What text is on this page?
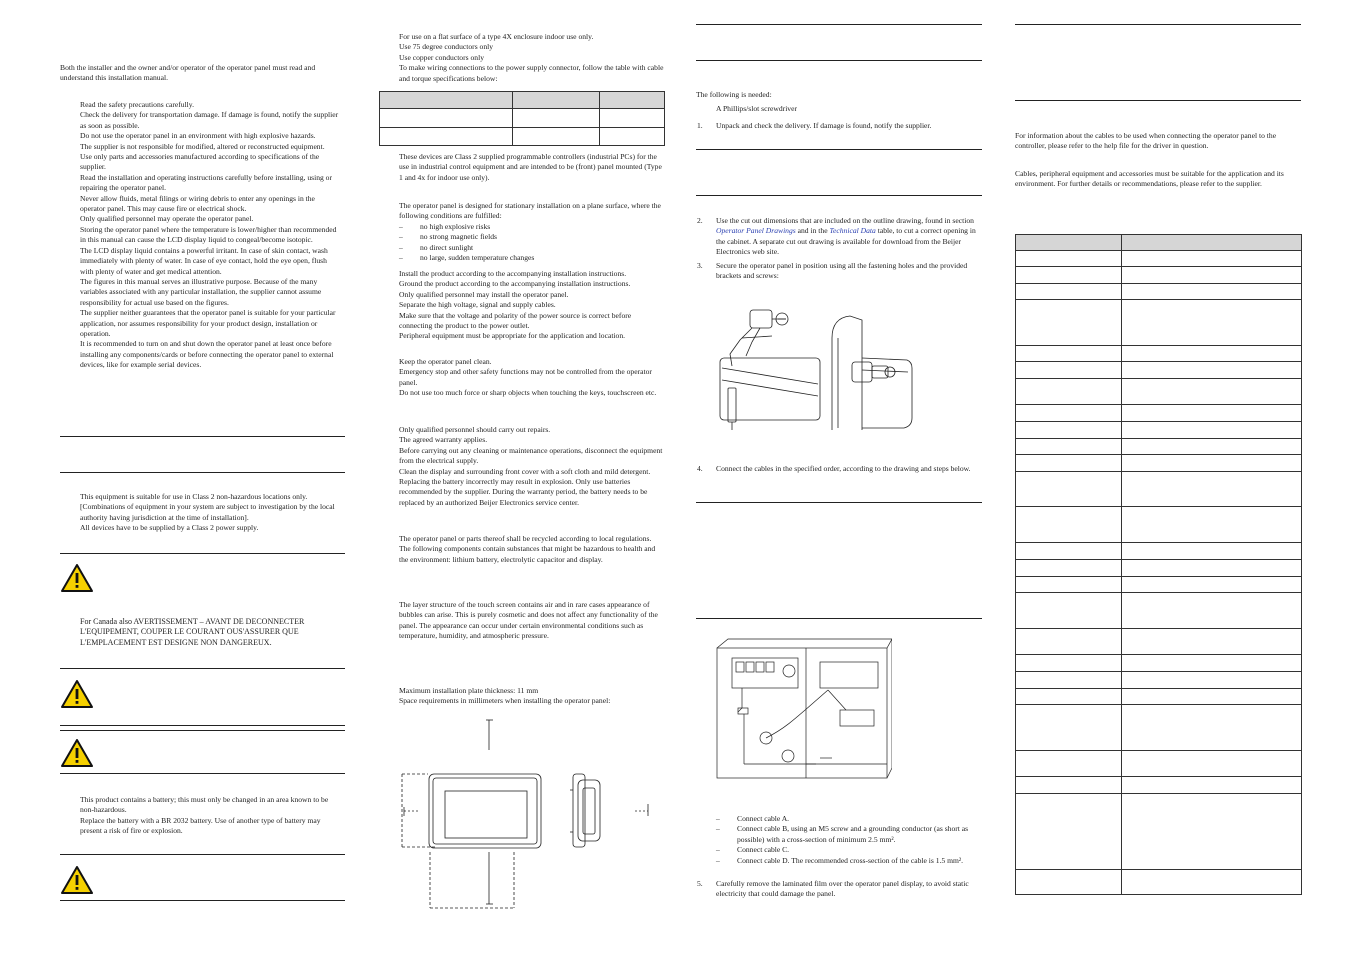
Both the installer and the owner and/or operator of the operator panel must read and understand this installation manual.

Read the safety precautions carefully.

Check the delivery for transportation damage. If damage is found, notify the supplier as soon as possible.

Do not use the operator panel in an environment with high explosive hazards.

The supplier is not responsible for modified, altered or reconstructed equipment.

Use only parts and accessories manufactured according to specifications of the supplier.

Read the installation and operating instructions carefully before installing, using or repairing the operator panel.

Never allow fluids, metal filings or wiring debris to enter any openings in the operator panel. This may cause fire or electrical shock.

Only qualified personnel may operate the operator panel.

Storing the operator panel where the temperature is lower/higher than recommended in this manual can cause the LCD display liquid to congeal/become isotopic.

The LCD display liquid contains a powerful irritant. In case of skin contact, wash immediately with plenty of water. In case of eye contact, hold the eye open, flush with plenty of water and get medical attention.

The figures in this manual serves an illustrative purpose. Because of the many variables associated with any particular installation, the supplier cannot assume responsibility for actual use based on the figures.

The supplier neither guarantees that the operator panel is suitable for your particular application, nor assumes responsibility for your product design, installation or operation.

It is recommended to turn on and shut down the operator panel at least once before installing any components/cards or before connecting the operator panel to external devices, like for example serial devices.

This equipment is suitable for use in Class 2 non-hazardous locations only. [Combinations of equipment in your system are subject to investigation by the local authority having jurisdiction at the time of installation].

All devices have to be supplied by a Class 2 power supply.

For Canada also AVERTISSEMENT – AVANT DE DECONNECTER L'EQUIPEMENT, COUPER LE COURANT OUS'ASSURER QUE L'EMPLACEMENT EST DESIGNE NON DANGEREUX.

This product contains a battery; this must only be changed in an area known to be non-hazardous.

Replace the battery with a BR 2032 battery. Use of another type of battery may present a risk of fire or explosion.

For use on a flat surface of a type 4X enclosure indoor use only.

Use 75 degree conductors only

Use copper conductors only

To make wiring connections to the power supply connector, follow the table with cable and torque specifications below:

These devices are Class 2 supplied programmable controllers (industrial PCs) for the use in industrial control equipment and are intended to be (front) panel mounted (Type 1 and 4x for indoor use only).

The operator panel is designed for stationary installation on a plane surface, where the following conditions are fulfilled:

– no high explosive risks
– no strong magnetic fields
– no direct sunlight
– no large, sudden temperature changes

Install the product according to the accompanying installation instructions.

Ground the product according to the accompanying installation instructions.

Only qualified personnel may install the operator panel.

Separate the high voltage, signal and supply cables.

Make sure that the voltage and polarity of the power source is correct before connecting the product to the power outlet.

Peripheral equipment must be appropriate for the application and location.

Keep the operator panel clean.

Emergency stop and other safety functions may not be controlled from the operator panel.

Do not use too much force or sharp objects when touching the keys, touchscreen etc.

Only qualified personnel should carry out repairs.

The agreed warranty applies.

Before carrying out any cleaning or maintenance operations, disconnect the equipment from the electrical supply.

Clean the display and surrounding front cover with a soft cloth and mild detergent.

Replacing the battery incorrectly may result in explosion. Only use batteries recommended by the supplier. During the warranty period, the battery needs to be replaced by an authorized Beijer Electronics service center.

The operator panel or parts thereof shall be recycled according to local regulations.

The following components contain substances that might be hazardous to health and the environment: lithium battery, electrolytic capacitor and display.

The layer structure of the touch screen contains air and in rare cases appearance of bubbles can arise. This is purely cosmetic and does not affect any functionality of the panel. The appearance can occur under certain environmental conditions such as temperature, humidity, and atmospheric pressure.

Maximum installation plate thickness: 11 mm

Space requirements in millimeters when installing the operator panel:

The following is needed:

A Phillips/slot screwdriver

1. Unpack and check the delivery. If damage is found, notify the supplier.

2. Use the cut out dimensions that are included on the outline drawing, found in section Operator Panel Drawings and in the Technical Data table, to cut a correct opening in the cabinet. A separate cut out drawing is available for download from the Beijer Electronics web site.

3. Secure the operator panel in position using all the fastening holes and the provided brackets and screws:

4. Connect the cables in the specified order, according to the drawing and steps below.

– Connect cable A.
– Connect cable B, using an M5 screw and a grounding conductor (as short as possible) with a cross-section of minimum 2.5 mm².
– Connect cable C.
– Connect cable D. The recommended cross-section of the cable is 1.5 mm².
5. Carefully remove the laminated film over the operator panel display, to avoid static electricity that could damage the panel.

For information about the cables to be used when connecting the operator panel to the controller, please refer to the help file for the driver in question.

Cables, peripheral equipment and accessories must be suitable for the application and its environment. For further details or recommendations, please refer to the supplier.
